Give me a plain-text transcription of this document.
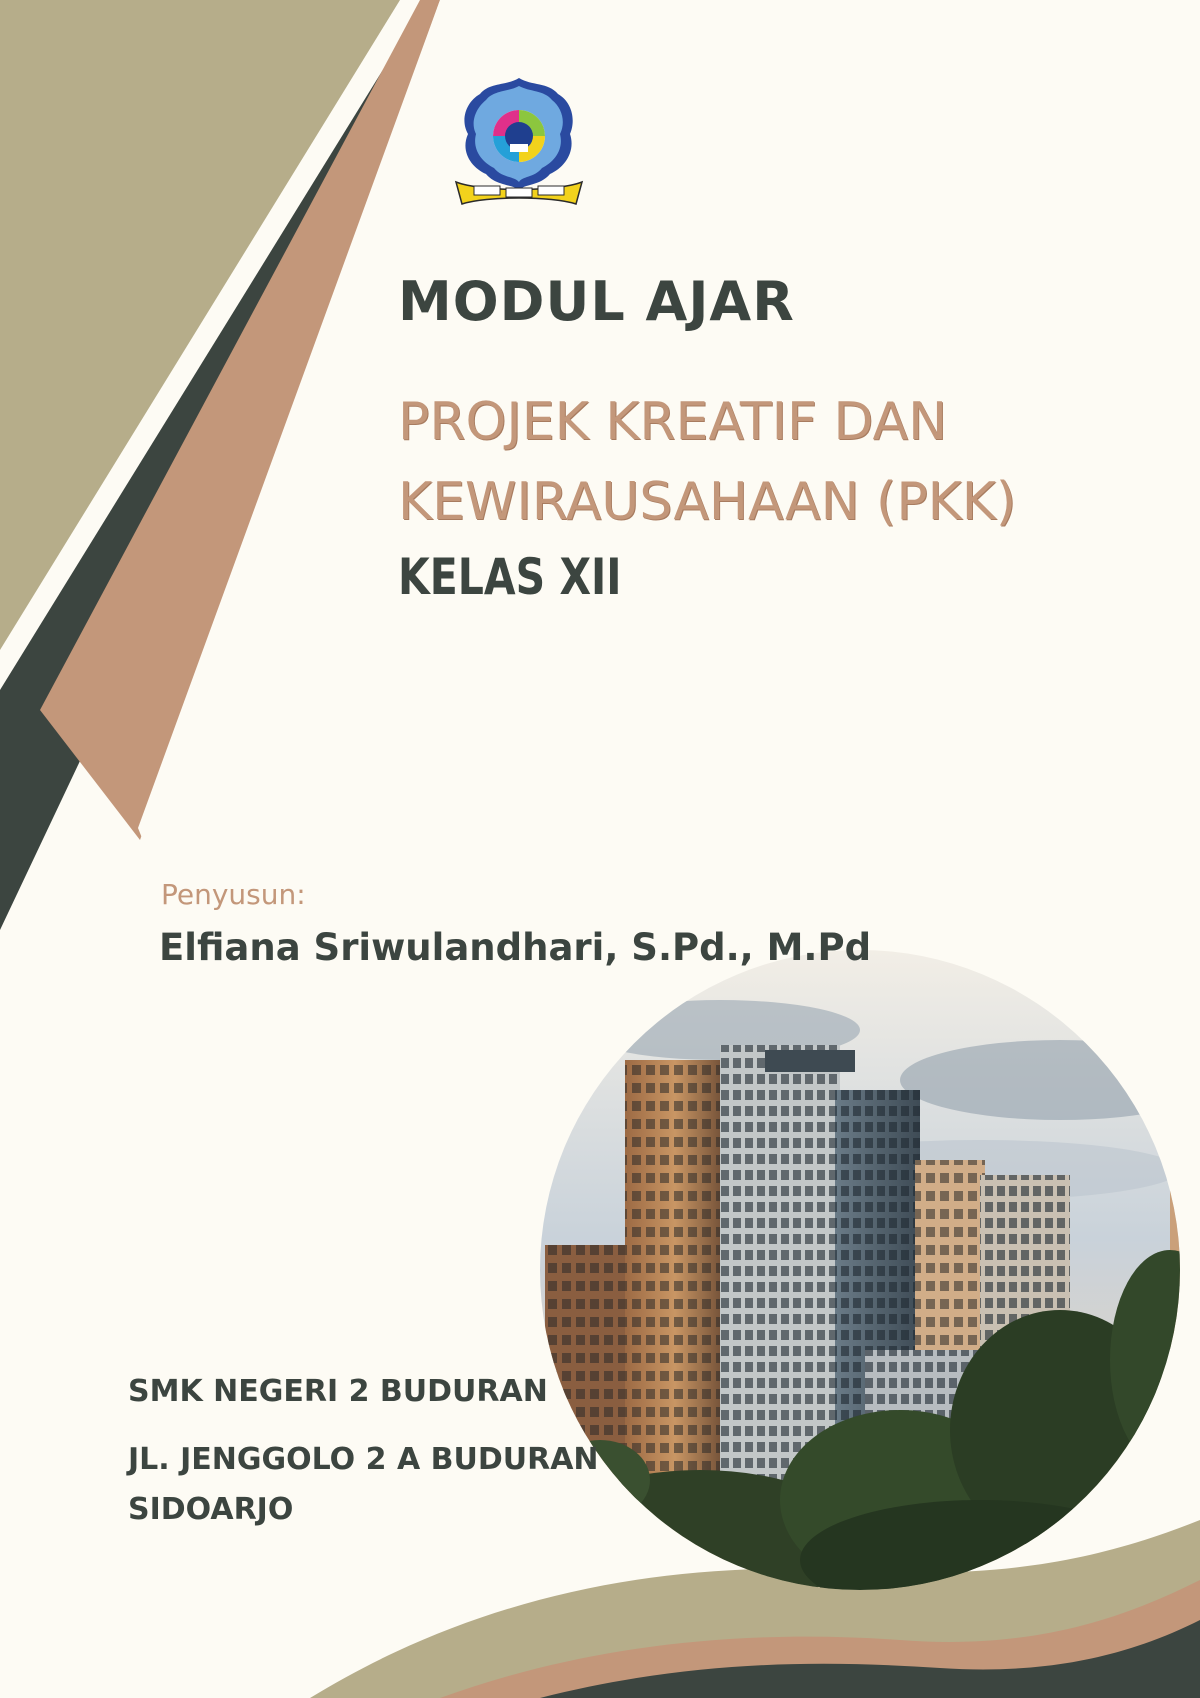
MODUL AJAR
PROJEK KREATIF DAN
KEWIRAUSAHAAN (PKK)
KELAS XII
Penyusun:
Elfiana Sriwulandhari, S.Pd., M.Pd
SMK NEGERI 2 BUDURAN
JL. JENGGOLO 2 A BUDURAN
SIDOARJO
